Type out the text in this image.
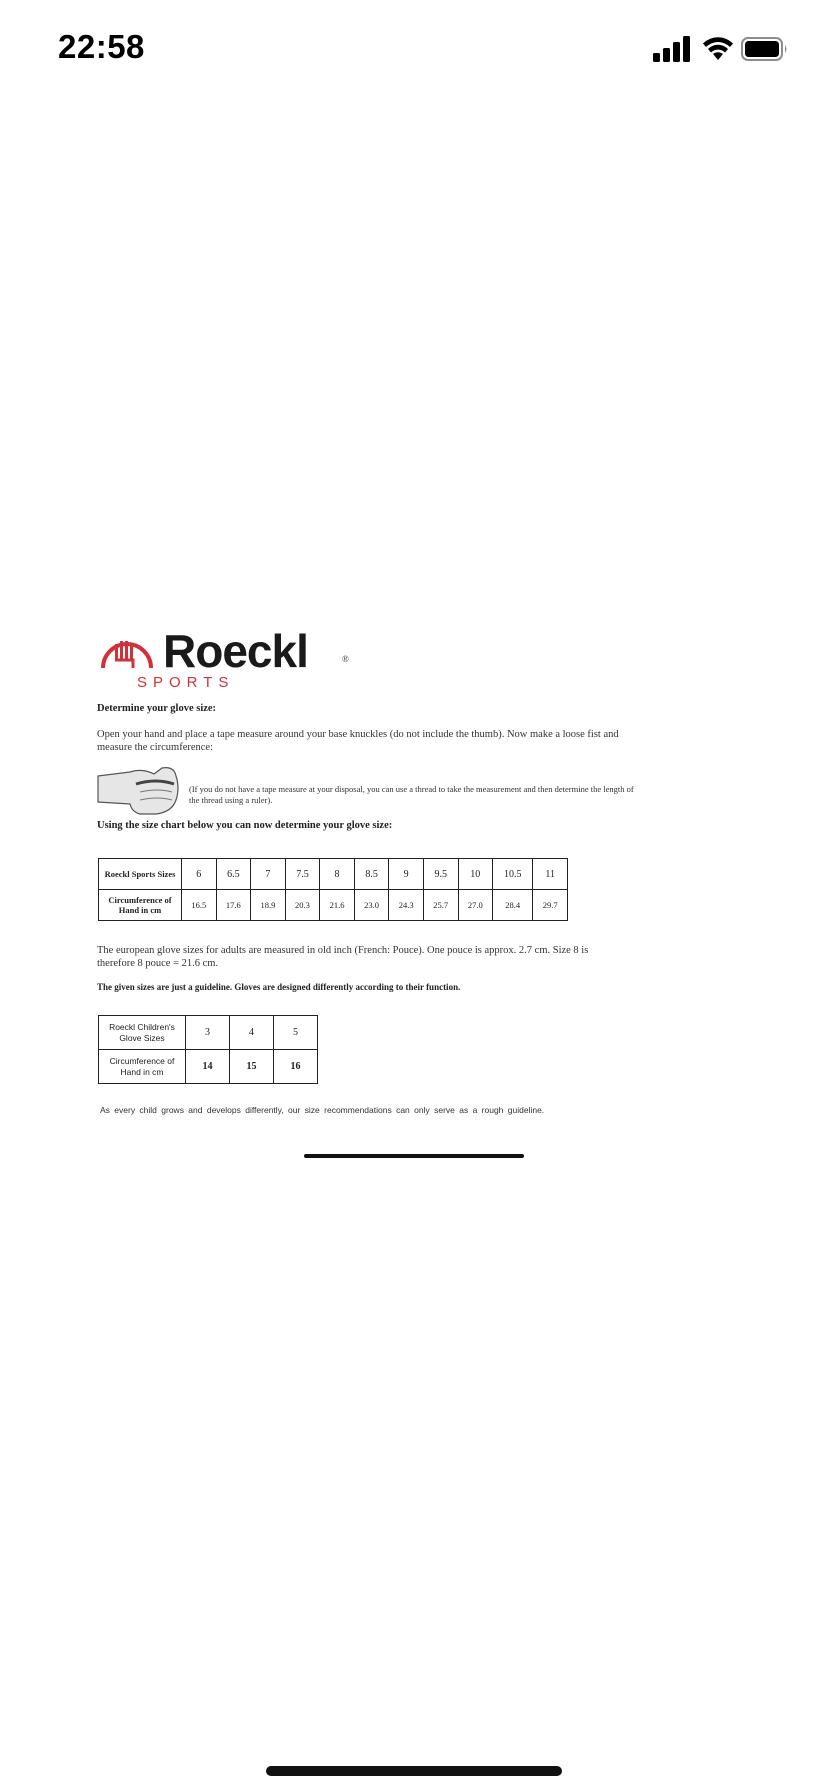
22:58
Roeckl	®
SPORTS
Determine your glove size:
Open your hand and place a tape measure around your base knuckles (do not include the thumb). Now make a loose fist and measure the circumference:
(If you do not have a tape measure at your disposal, you can use a thread to take the measurement and then determine the length of the thread using a ruler).
Using the size chart below you can now determine your glove size:
Roeckl Sports Sizes	6	6.5	7	7.5	8	8.5	9	9.5	10	10.5	11
Circumference of Hand in cm	16.5	17.6	18.9	20.3	21.6	23.0	24.3	25.7	27.0	28.4	29.7
The european glove sizes for adults are measured in old inch (French: Pouce). One pouce is approx. 2.7 cm. Size 8 is therefore 8 pouce = 21.6 cm.
The given sizes are just a guideline. Gloves are designed differently according to their function.
Roeckl Children's Glove Sizes	3	4	5
Circumference of Hand in cm	14	15	16
As every child grows and develops differently, our size recommendations can only serve as a rough guideline.
